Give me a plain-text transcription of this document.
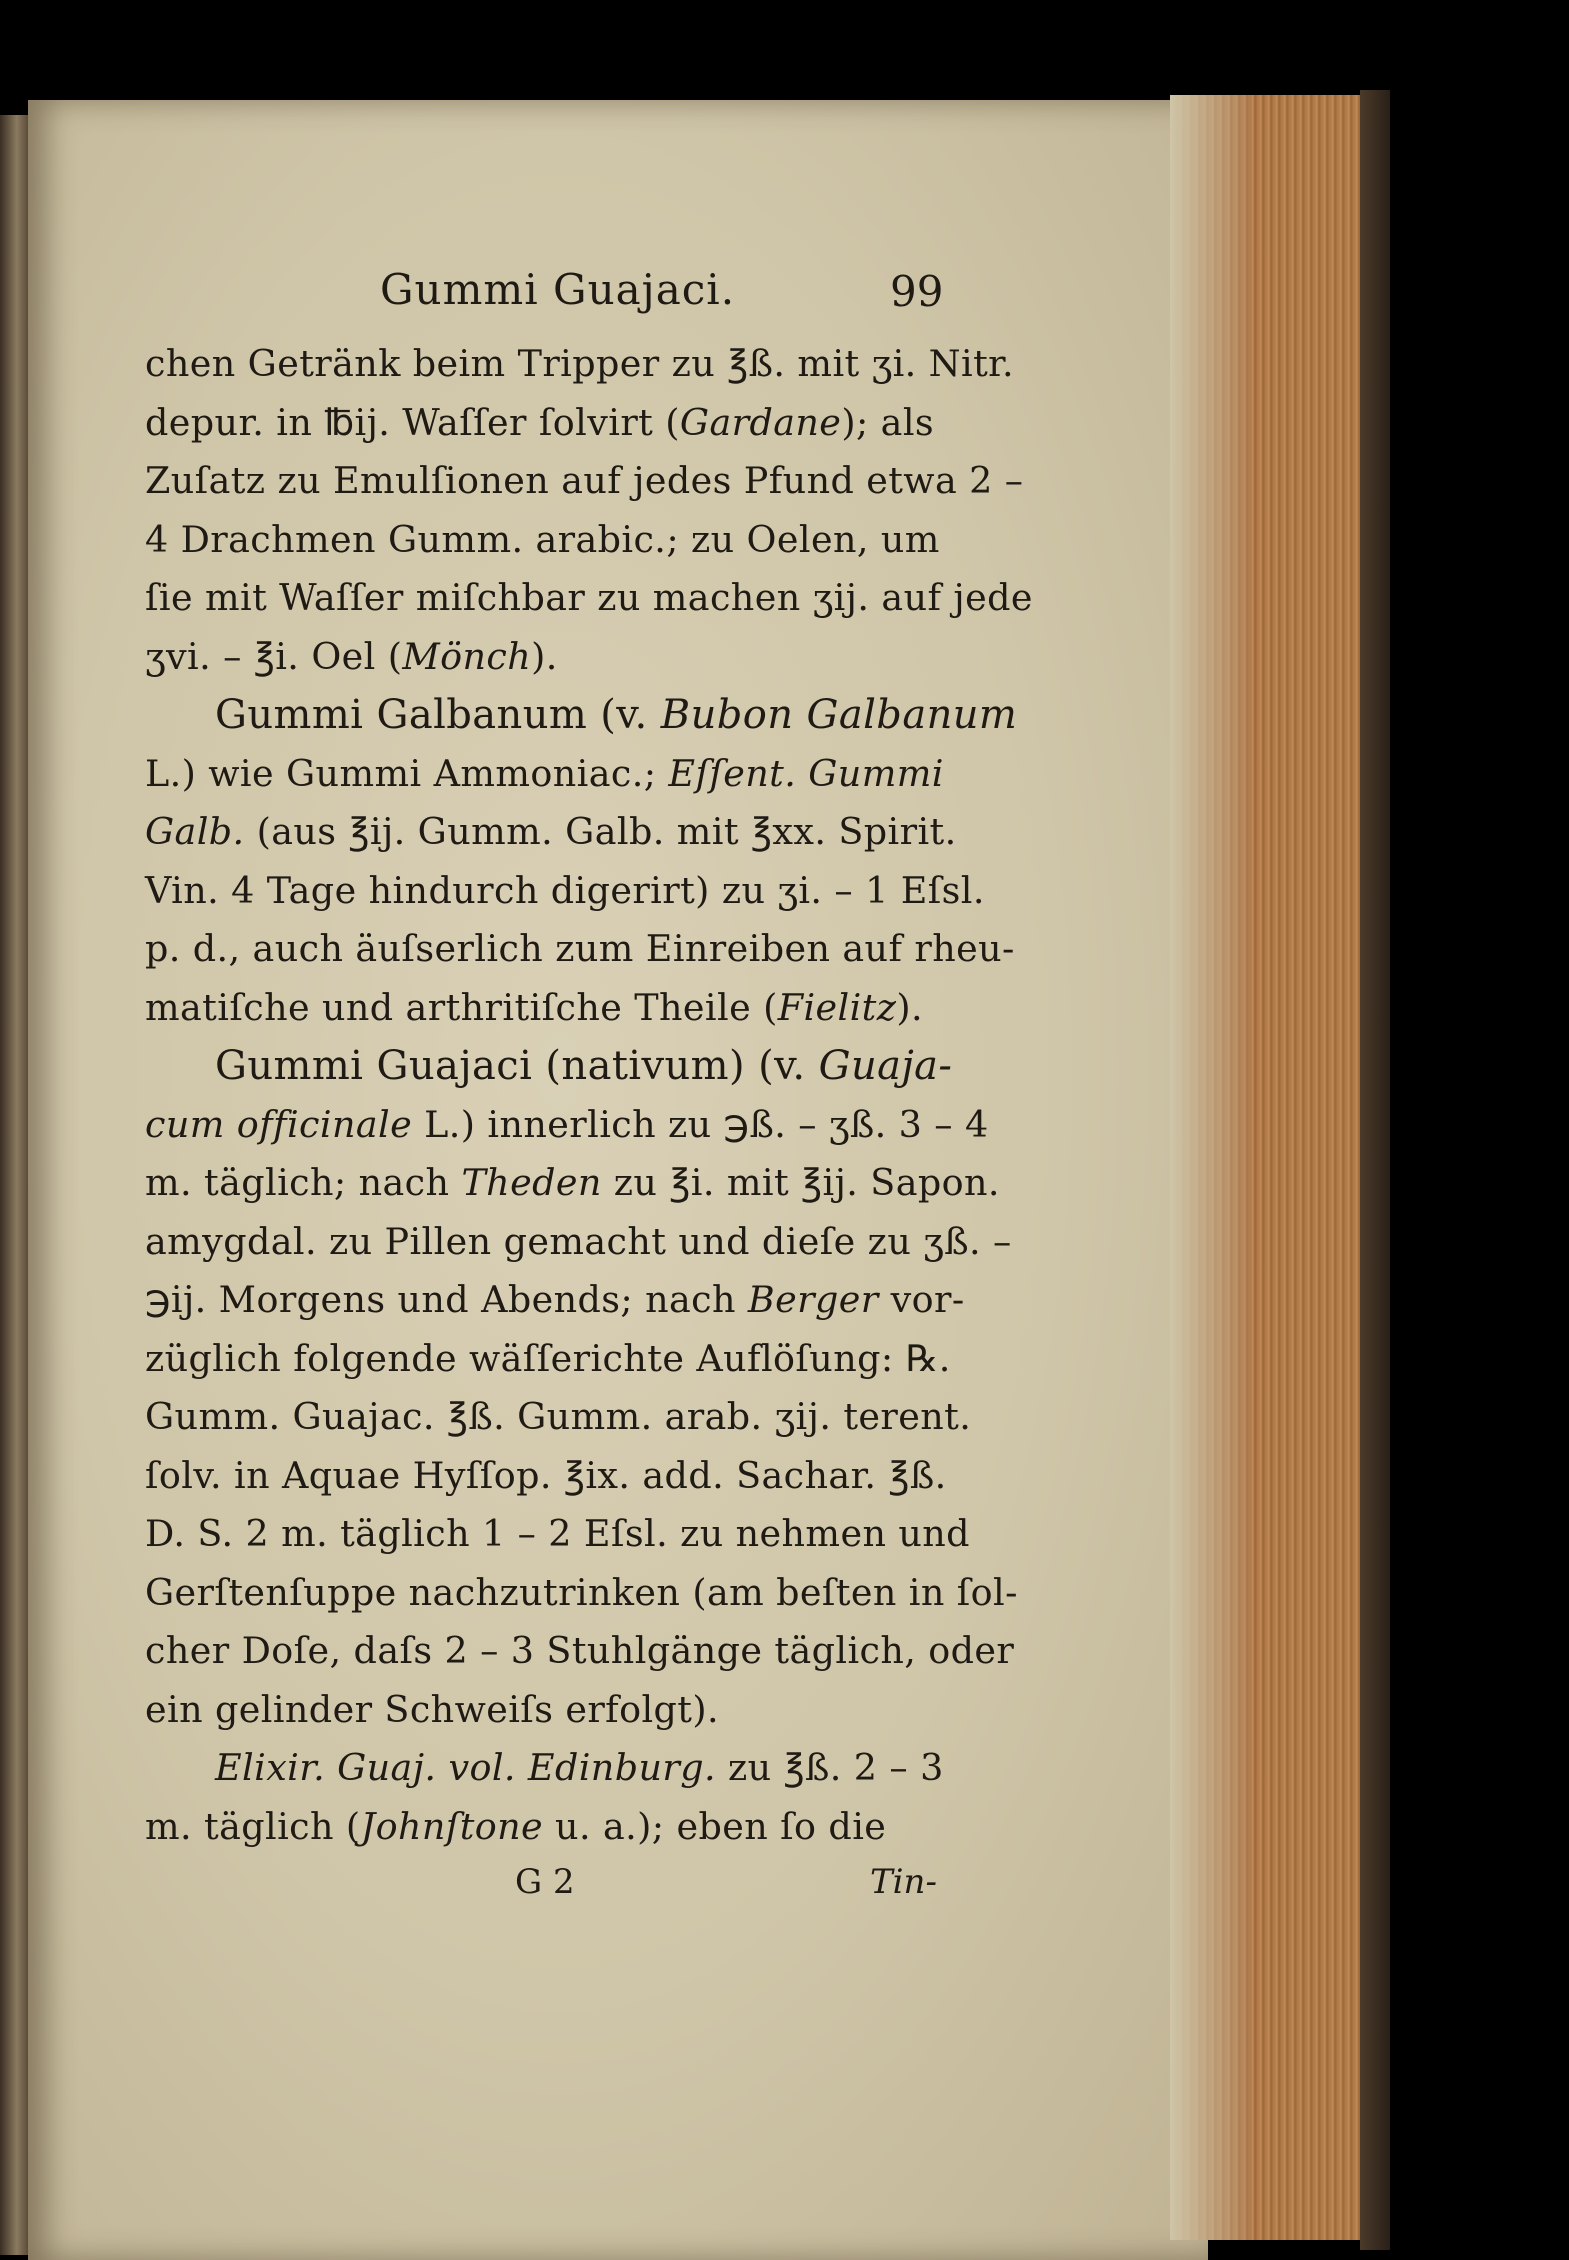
Gummi Guajaci.	99
chen Getränk beim Tripper zu ℥ß. mit ʒi. Nitr.
depur. in ℔ij. Waſſer ſolvirt (Gardane); als
Zuſatz zu Emulſionen auf jedes Pfund etwa 2 –
4 Drachmen Gumm. arabic.; zu Oelen, um
ſie mit Waſſer miſchbar zu machen ʒij. auf jede
ʒvi. – ℥i. Oel (Mönch).
Gummi Galbanum (v. Bubon Galbanum
L.) wie Gummi Ammoniac.; Eſſent. Gummi
Galb. (aus ℥ij. Gumm. Galb. mit ℥xx. Spirit.
Vin. 4 Tage hindurch digerirt) zu ʒi. – 1 Eſsl.
p. d., auch äuſserlich zum Einreiben auf rheu-
matiſche und arthritiſche Theile (Fielitz).
Gummi Guajaci (nativum) (v. Guaja-
cum officinale L.) innerlich zu ℈ß. – ʒß. 3 – 4
m. täglich; nach Theden zu ℥i. mit ℥ij. Sapon.
amygdal. zu Pillen gemacht und dieſe zu ʒß. –
℈ij. Morgens und Abends; nach Berger vor-
züglich folgende wäſſerichte Auflöſung: ℞.
Gumm. Guajac. ℥ß. Gumm. arab. ʒij. terent.
ſolv. in Aquae Hyſſop. ℥ix. add. Sachar. ℥ß.
D. S. 2 m. täglich 1 – 2 Eſsl. zu nehmen und
Gerſtenſuppe nachzutrinken (am beſten in ſol-
cher Doſe, daſs 2 – 3 Stuhlgänge täglich, oder
ein gelinder Schweiſs erfolgt).
Elixir. Guaj. vol. Edinburg. zu ℥ß. 2 – 3
m. täglich (Johnſtone u. a.); eben ſo die
G 2	Tin-
